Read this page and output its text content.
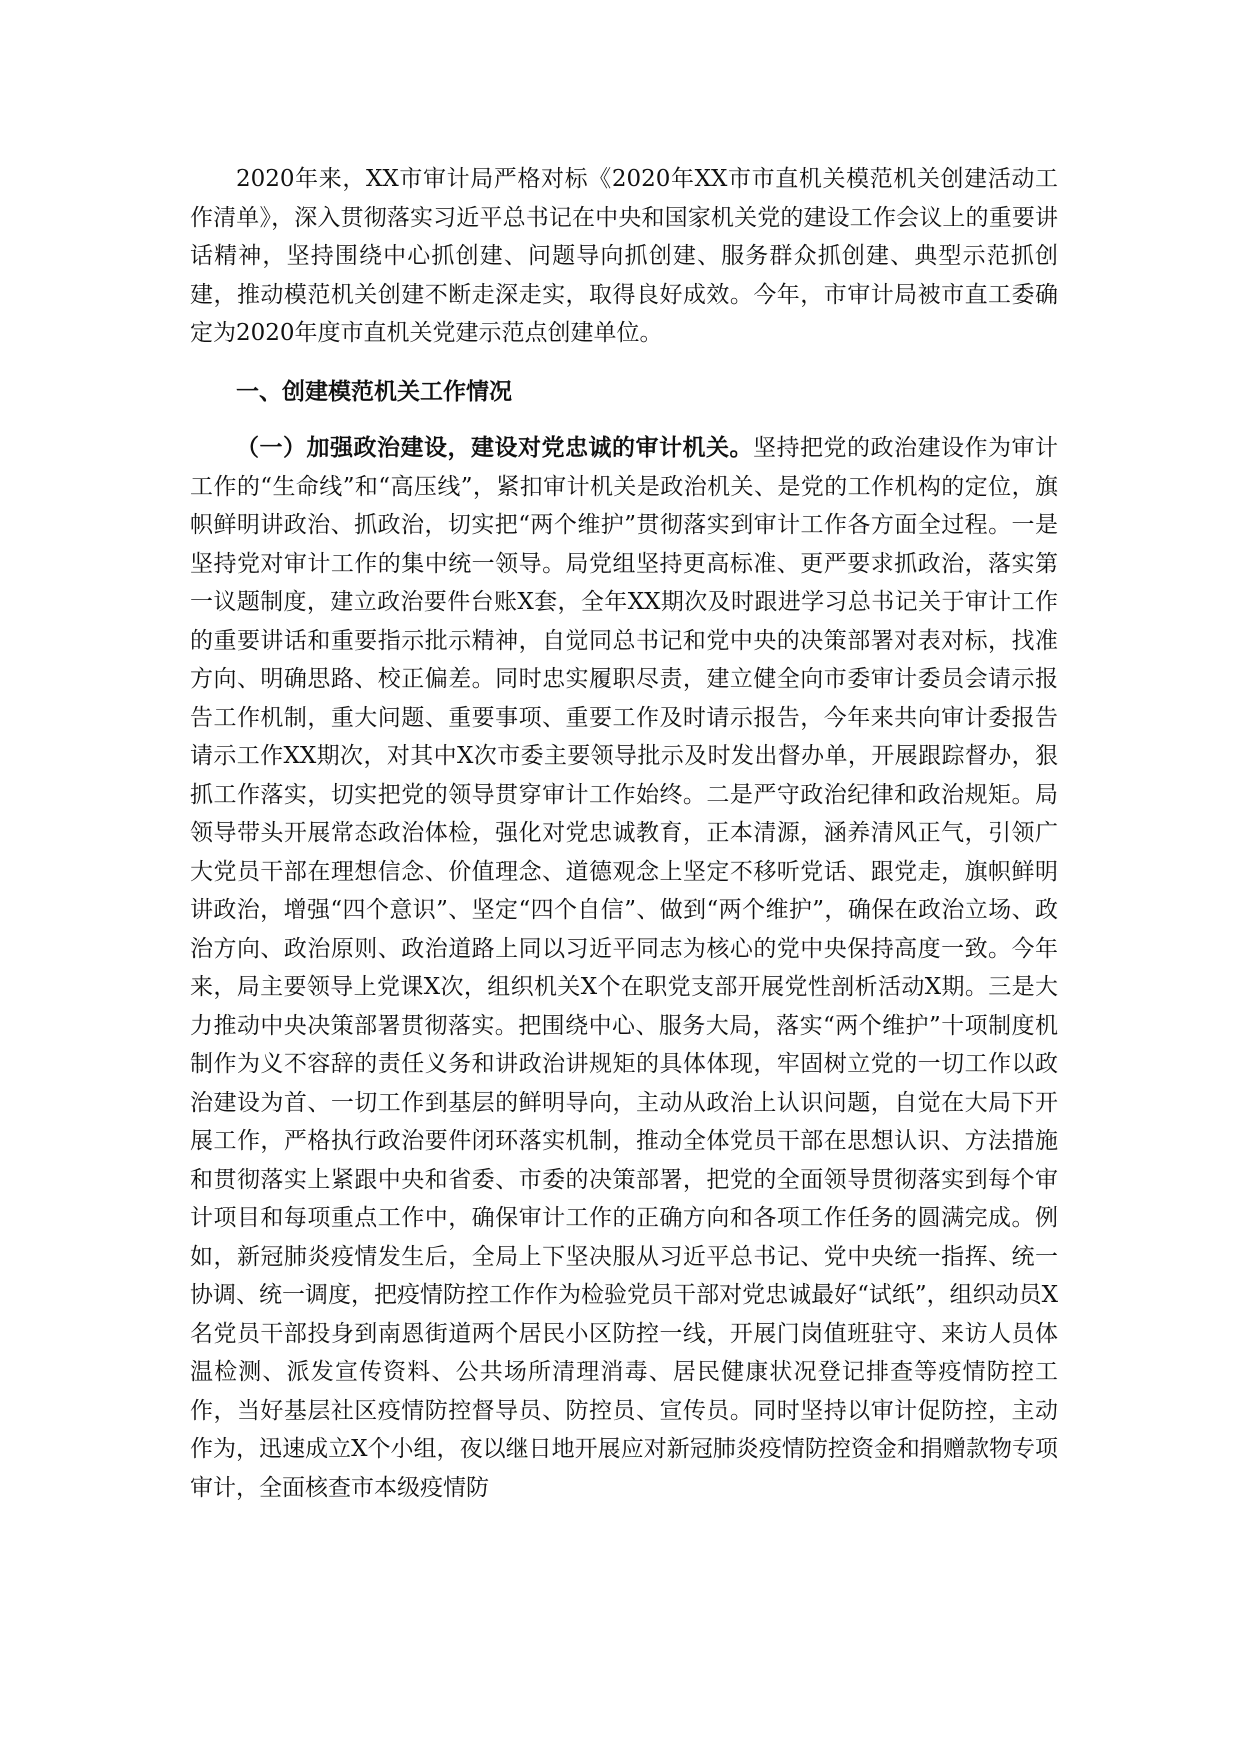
2020年来，XX市审计局严格对标《2020年XX市市直机关模范机关创建活动工作清单》，深入贯彻落实习近平总书记在中央和国家机关党的建设工作会议上的重要讲话精神，坚持围绕中心抓创建、问题导向抓创建、服务群众抓创建、典型示范抓创建，推动模范机关创建不断走深走实，取得良好成效。今年，市审计局被市直工委确定为2020年度市直机关党建示范点创建单位。

一、创建模范机关工作情况

（一）加强政治建设，建设对党忠诚的审计机关。坚持把党的政治建设作为审计工作的“生命线”和“高压线”，紧扣审计机关是政治机关、是党的工作机构的定位，旗帜鲜明讲政治、抓政治，切实把“两个维护”贯彻落实到审计工作各方面全过程。一是坚持党对审计工作的集中统一领导。局党组坚持更高标准、更严要求抓政治，落实第一议题制度，建立政治要件台账X套，全年XX期次及时跟进学习总书记关于审计工作的重要讲话和重要指示批示精神，自觉同总书记和党中央的决策部署对表对标，找准方向、明确思路、校正偏差。同时忠实履职尽责，建立健全向市委审计委员会请示报告工作机制，重大问题、重要事项、重要工作及时请示报告，今年来共向审计委报告请示工作XX期次，对其中X次市委主要领导批示及时发出督办单，开展跟踪督办，狠抓工作落实，切实把党的领导贯穿审计工作始终。二是严守政治纪律和政治规矩。局领导带头开展常态政治体检，强化对党忠诚教育，正本清源，涵养清风正气，引领广大党员干部在理想信念、价值理念、道德观念上坚定不移听党话、跟党走，旗帜鲜明讲政治，增强“四个意识”、坚定“四个自信”、做到“两个维护”，确保在政治立场、政治方向、政治原则、政治道路上同以习近平同志为核心的党中央保持高度一致。今年来，局主要领导上党课X次，组织机关X个在职党支部开展党性剖析活动X期。三是大力推动中央决策部署贯彻落实。把围绕中心、服务大局，落实“两个维护”十项制度机制作为义不容辞的责任义务和讲政治讲规矩的具体体现，牢固树立党的一切工作以政治建设为首、一切工作到基层的鲜明导向，主动从政治上认识问题，自觉在大局下开展工作，严格执行政治要件闭环落实机制，推动全体党员干部在思想认识、方法措施和贯彻落实上紧跟中央和省委、市委的决策部署，把党的全面领导贯彻落实到每个审计项目和每项重点工作中，确保审计工作的正确方向和各项工作任务的圆满完成。例如，新冠肺炎疫情发生后，全局上下坚决服从习近平总书记、党中央统一指挥、统一协调、统一调度，把疫情防控工作作为检验党员干部对党忠诚最好“试纸”，组织动员X名党员干部投身到南恩街道两个居民小区防控一线，开展门岗值班驻守、来访人员体温检测、派发宣传资料、公共场所清理消毒、居民健康状况登记排查等疫情防控工作，当好基层社区疫情防控督导员、防控员、宣传员。同时坚持以审计促防控，主动作为，迅速成立X个小组，夜以继日地开展应对新冠肺炎疫情防控资金和捐赠款物专项审计，全面核查市本级疫情防
